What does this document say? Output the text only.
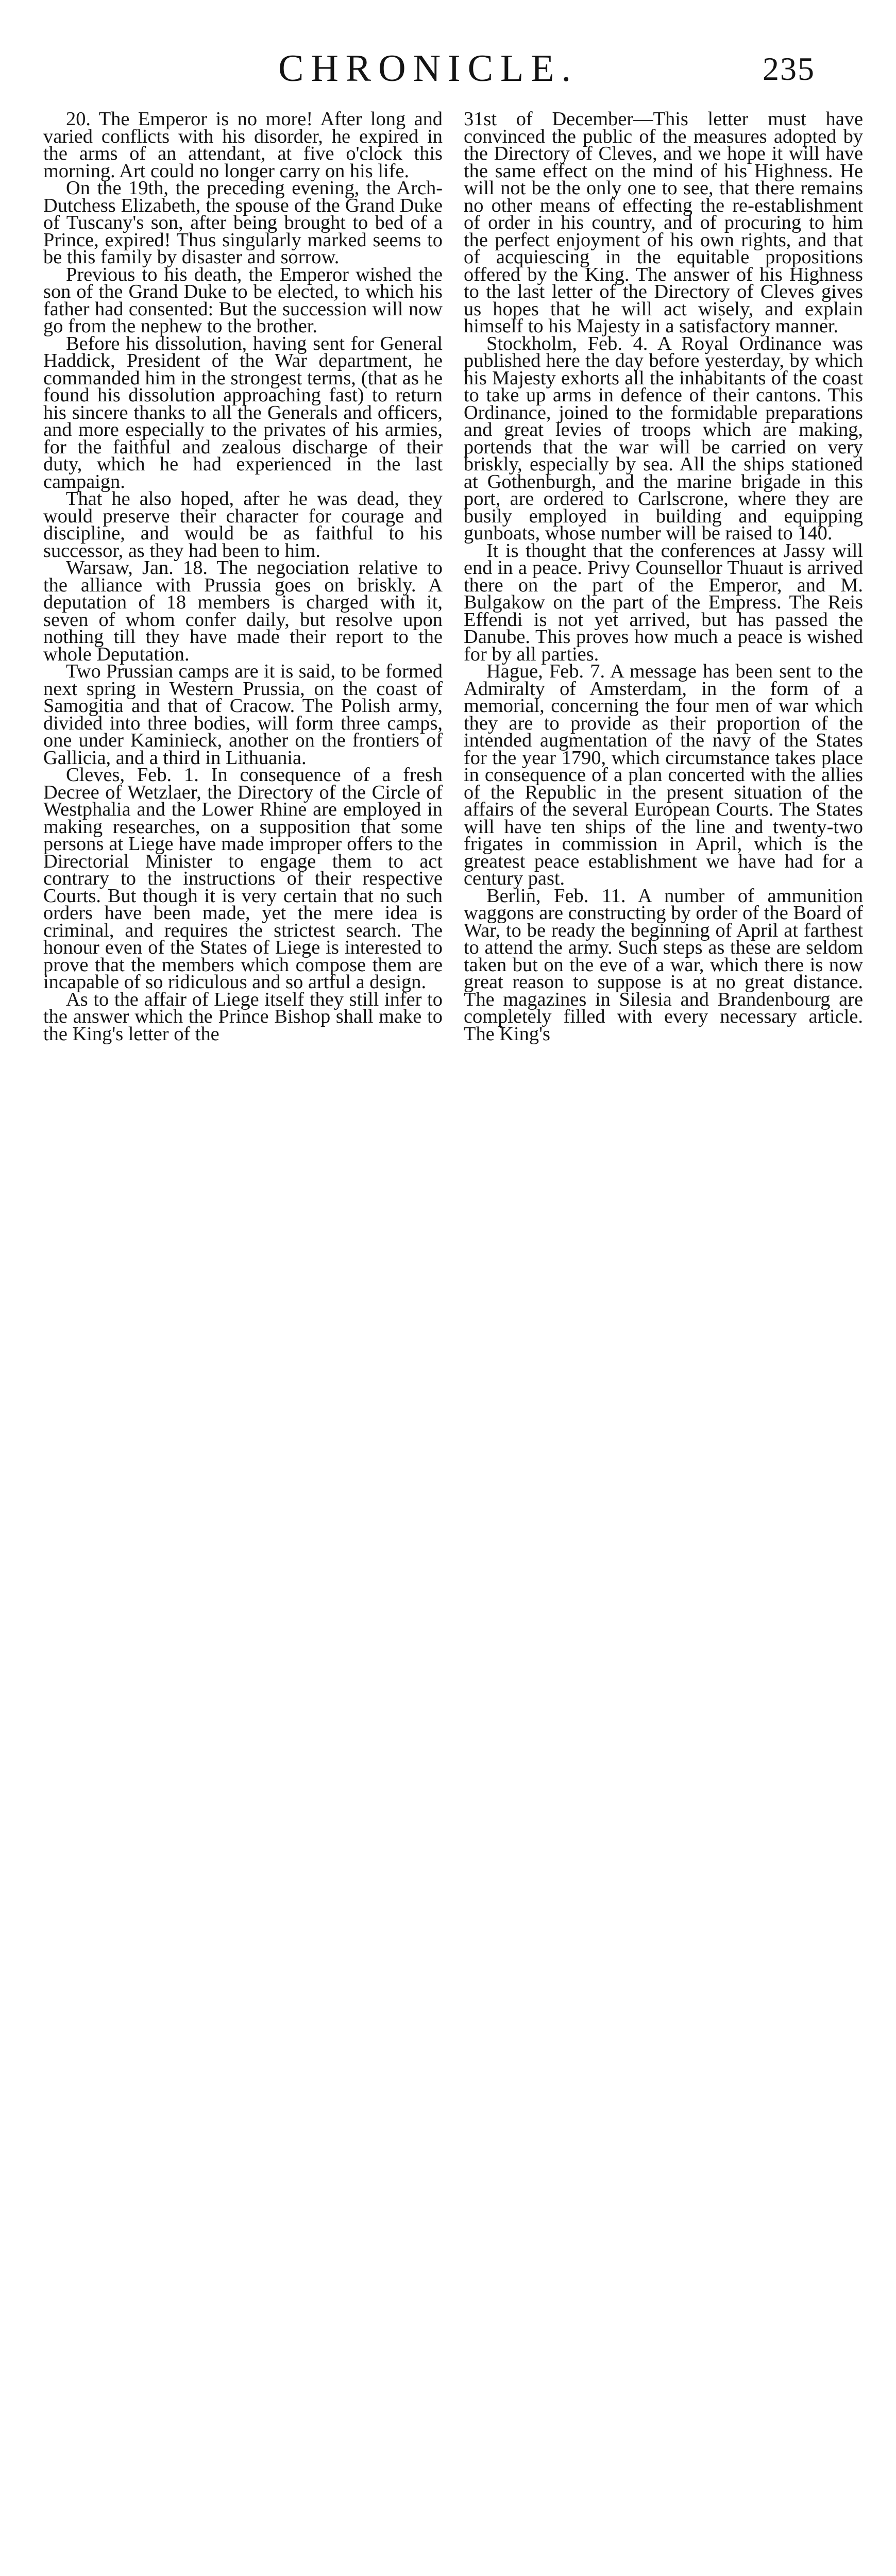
CHRONICLE.	235

20. The Emperor is no more! After long and varied conflicts with his disorder, he expired in the arms of an attendant, at five o'clock this morning. Art could no longer carry on his life.

On the 19th, the preceding evening, the Arch-Dutchess Elizabeth, the spouse of the Grand Duke of Tuscany's son, after being brought to bed of a Prince, expired! Thus singularly marked seems to be this family by disaster and sorrow.

Previous to his death, the Emperor wished the son of the Grand Duke to be elected, to which his father had consented: But the succession will now go from the nephew to the brother.

Before his dissolution, having sent for General Haddick, President of the War department, he commanded him in the strongest terms, (that as he found his dissolution approaching fast) to return his sincere thanks to all the Generals and officers, and more especially to the privates of his armies, for the faithful and zealous discharge of their duty, which he had experienced in the last campaign.

That he also hoped, after he was dead, they would preserve their character for courage and discipline, and would be as faithful to his successor, as they had been to him.

Warsaw, Jan. 18. The negociation relative to the alliance with Prussia goes on briskly. A deputation of 18 members is charged with it, seven of whom confer daily, but resolve upon nothing till they have made their report to the whole Deputation.

Two Prussian camps are it is said, to be formed next spring in Western Prussia, on the coast of Samogitia and that of Cracow. The Polish army, divided into three bodies, will form three camps, one under Kaminieck, another on the frontiers of Gallicia, and a third in Lithuania.

Cleves, Feb. 1. In consequence of a fresh Decree of Wetzlaer, the Directory of the Circle of Westphalia and the Lower Rhine are employed in making researches, on a supposition that some persons at Liege have made improper offers to the Directorial Minister to engage them to act contrary to the instructions of their respective Courts. But though it is very certain that no such orders have been made, yet the mere idea is criminal, and requires the strictest search. The honour even of the States of Liege is interested to prove that the members which compose them are incapable of so ridiculous and so artful a design.

As to the affair of Liege itself they still infer to the answer which the Prince Bishop shall make to the King's letter of the

31st of December—This letter must have convinced the public of the measures adopted by the Directory of Cleves, and we hope it will have the same effect on the mind of his Highness. He will not be the only one to see, that there remains no other means of effecting the re-establishment of order in his country, and of procuring to him the perfect enjoyment of his own rights, and that of acquiescing in the equitable propositions offered by the King. The answer of his Highness to the last letter of the Directory of Cleves gives us hopes that he will act wisely, and explain himself to his Majesty in a satisfactory manner.

Stockholm, Feb. 4. A Royal Ordinance was published here the day before yesterday, by which his Majesty exhorts all the inhabitants of the coast to take up arms in defence of their cantons. This Ordinance, joined to the formidable preparations and great levies of troops which are making, portends that the war will be carried on very briskly, especially by sea. All the ships stationed at Gothenburgh, and the marine brigade in this port, are ordered to Carlscrone, where they are busily employed in building and equipping gunboats, whose number will be raised to 140.

It is thought that the conferences at Jassy will end in a peace. Privy Counsellor Thuaut is arrived there on the part of the Emperor, and M. Bulgakow on the part of the Empress. The Reis Effendi is not yet arrived, but has passed the Danube. This proves how much a peace is wished for by all parties.

Hague, Feb. 7. A message has been sent to the Admiralty of Amsterdam, in the form of a memorial, concerning the four men of war which they are to provide as their proportion of the intended augmentation of the navy of the States for the year 1790, which circumstance takes place in consequence of a plan concerted with the allies of the Republic in the present situation of the affairs of the several European Courts. The States will have ten ships of the line and twenty-two frigates in commission in April, which is the greatest peace establishment we have had for a century past.

Berlin, Feb. 11. A number of ammunition waggons are constructing by order of the Board of War, to be ready the beginning of April at farthest to attend the army. Such steps as these are seldom taken but on the eve of a war, which there is now great reason to suppose is at no great distance. The magazines in Silesia and Brandenbourg are completely filled with every necessary article. The King's
